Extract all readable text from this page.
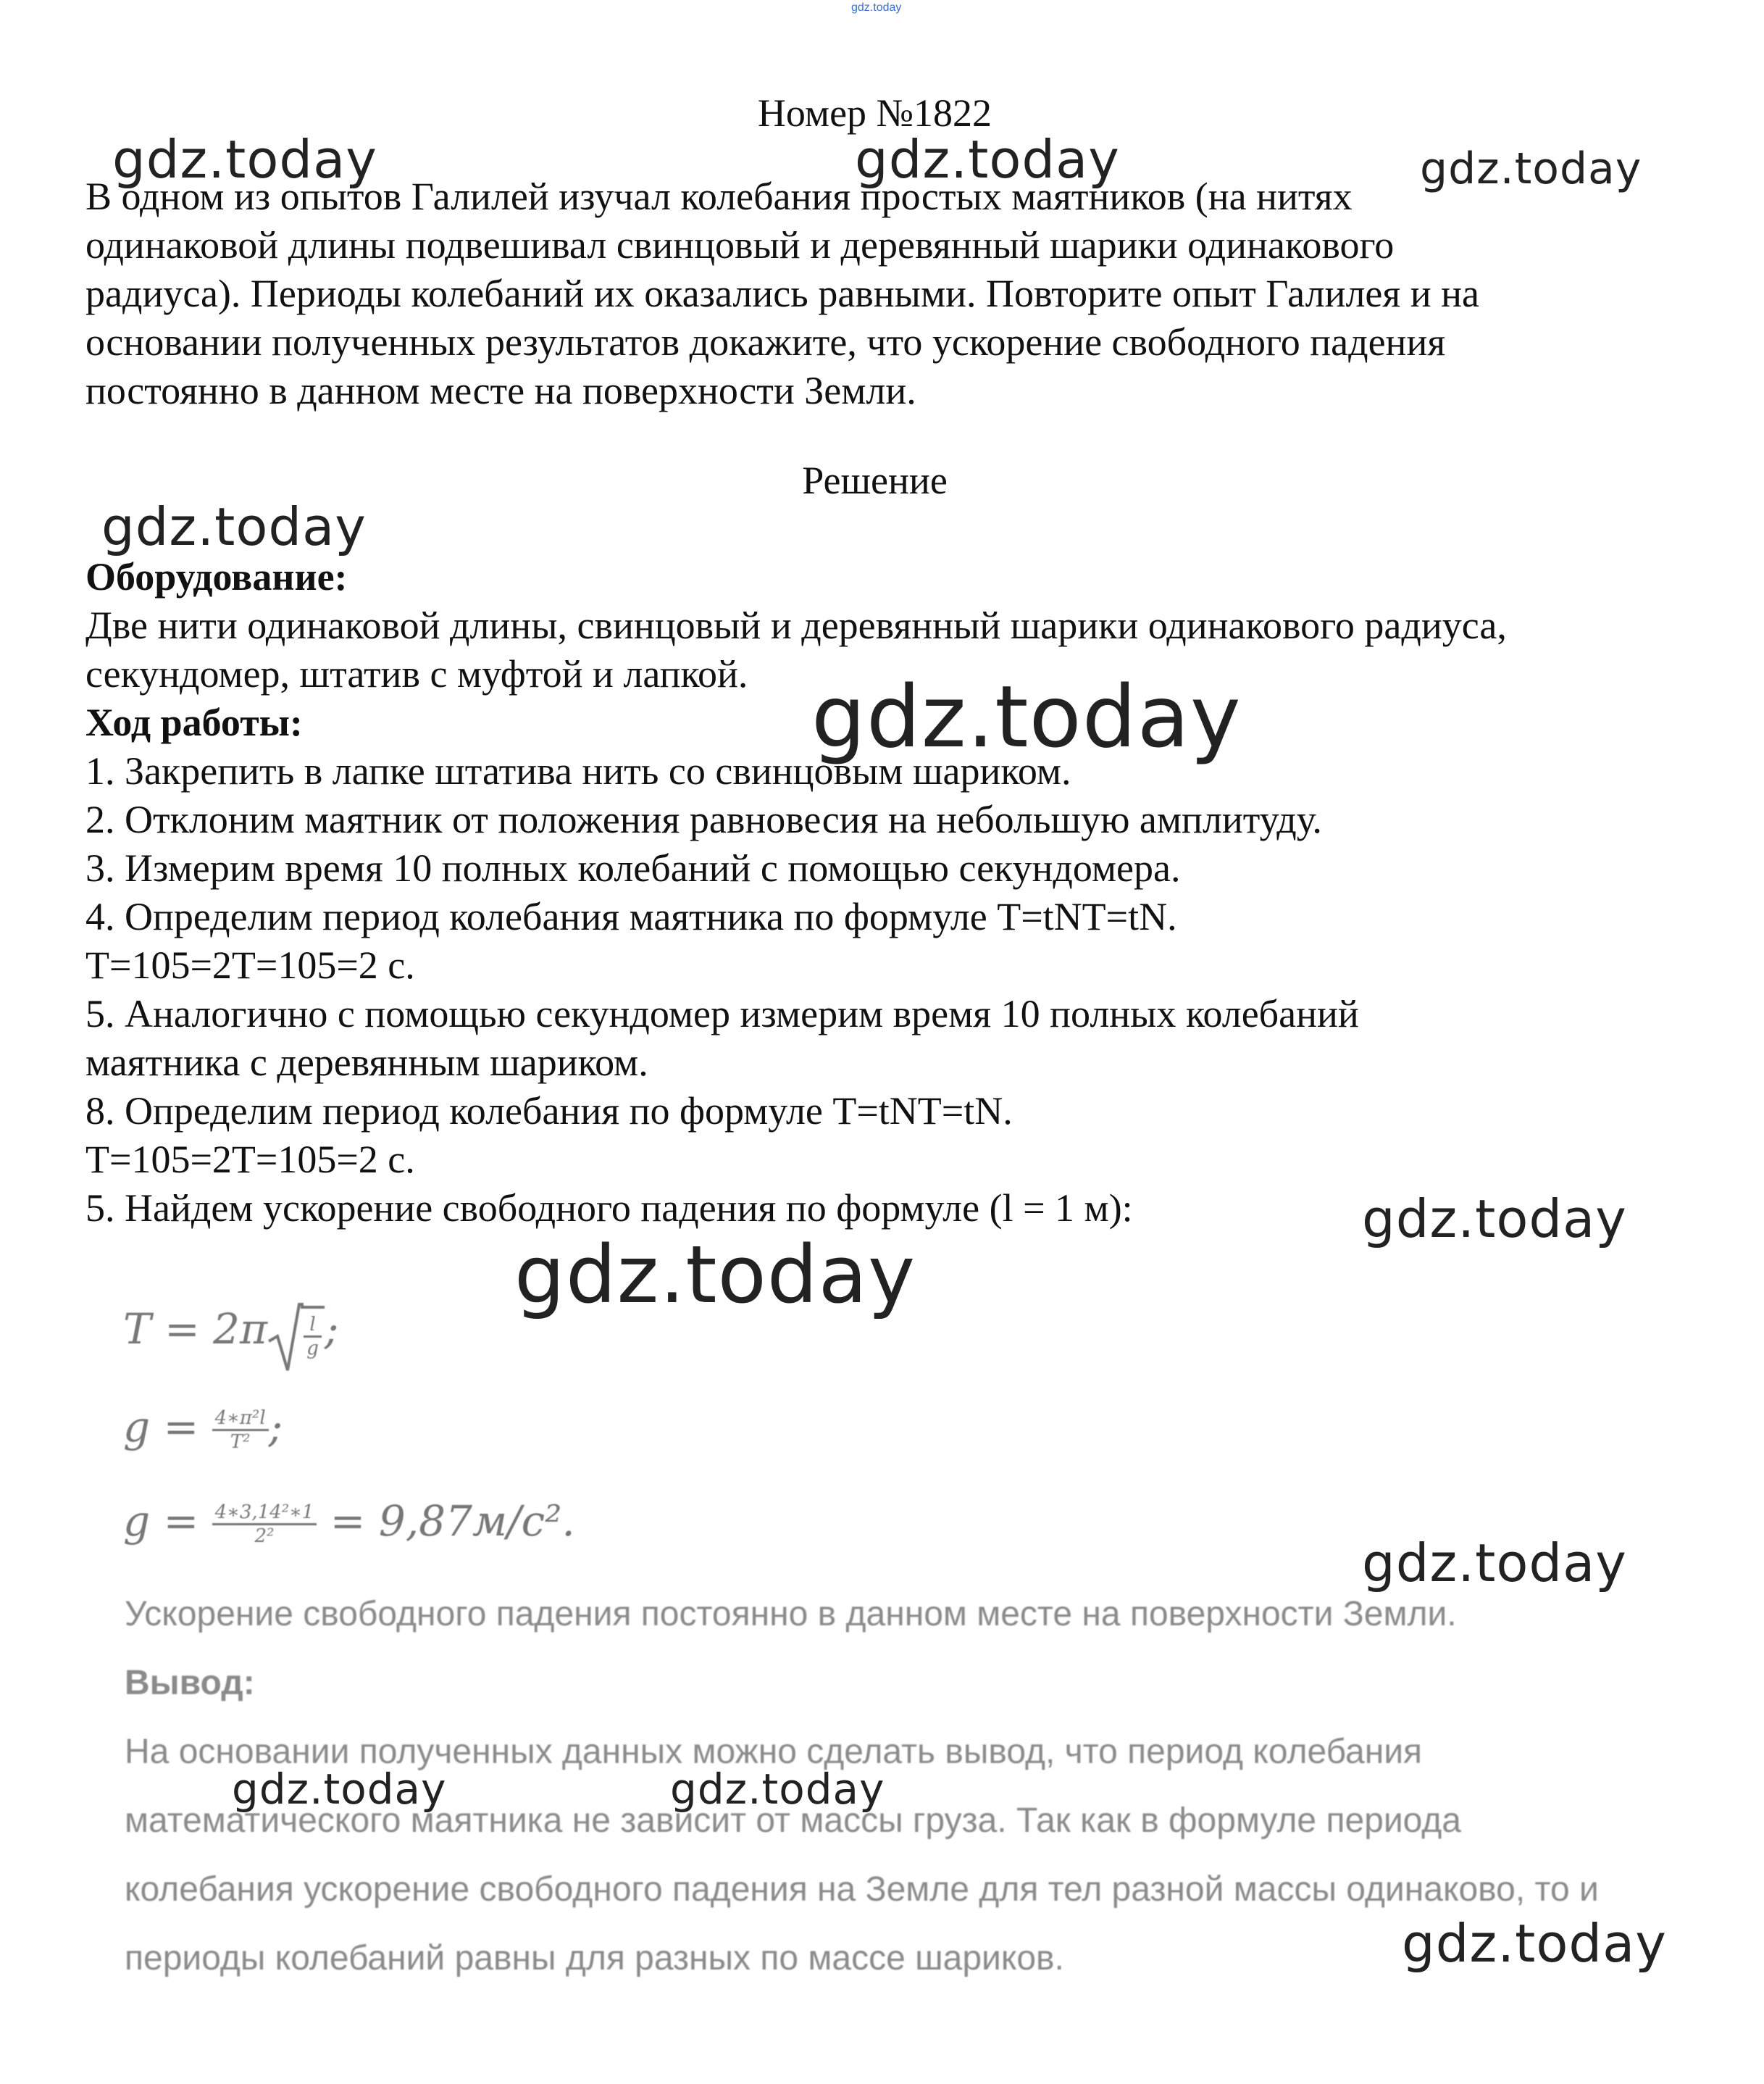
gdz.today
Номер №1822
В одном из опытов Галилей изучал колебания простых маятников (на нитях
одинаковой длины подвешивал свинцовый и деревянный шарики одинакового
радиуса). Периоды колебаний их оказались равными. Повторите опыт Галилея и на
основании полученных результатов докажите, что ускорение свободного падения
постоянно в данном месте на поверхности Земли.
Решение
Оборудование:
Две нити одинаковой длины, свинцовый и деревянный шарики одинакового радиуса,
секундомер, штатив с муфтой и лапкой.
Ход работы:
1. Закрепить в лапке штатива нить со свинцовым шариком.
2. Отклоним маятник от положения равновесия на небольшую амплитуду.
3. Измерим время 10 полных колебаний с помощью секундомера.
4. Определим период колебания маятника по формуле T=tNT=tN.
T=105=2T=105=2 с.
5. Аналогично с помощью секундомер измерим время 10 полных колебаний
маятника с деревянным шариком.
8. Определим период колебания по формуле T=tNT=tN.
T=105=2T=105=2 с.
5. Найдем ускорение свободного падения по формуле (l = 1 м):
$T = 2\pi \frac{l}{g}$ ;
$g = \frac{\text{4∗π²l}}{\text{T²}}$ ;
$g = \frac{\text{4∗3,14²∗1}}{\text{2²}} = 9,87м/с^2$.
Ускорение свободного падения постоянно в данном месте на поверхности Земли.
Вывод:
На основании полученных данных можно сделать вывод, что период колебания
математического маятника не зависит от массы груза. Так как в формуле периода
колебания ускорение свободного падения на Земле для тел разной массы одинаково, то и
периоды колебаний равны для разных по массе шариков.
gdz.today	gdz.today	gdz.today
gdz.today
gdz.today
gdz.today
gdz.today
gdz.today
gdz.today	gdz.today
gdz.today
